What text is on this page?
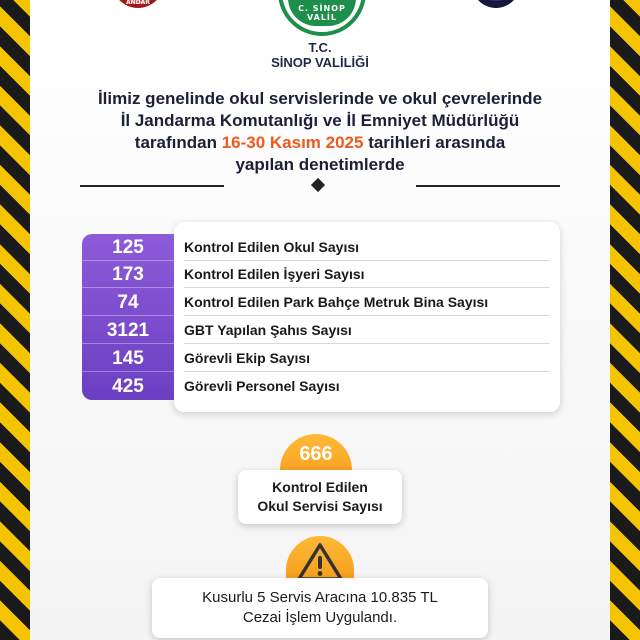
ANDAR
C. SİNOP VALİL
T.C.
SİNOP VALİLİĞİ
İlimiz genelinde okul servislerinde ve okul çevrelerinde
İl Jandarma Komutanlığı ve İl Emniyet Müdürlüğü
tarafından 16-30 Kasım 2025 tarihleri arasında
yapılan denetimlerde
125	Kontrol Edilen Okul Sayısı
173	Kontrol Edilen İşyeri Sayısı
74	Kontrol Edilen Park Bahçe Metruk Bina Sayısı
3121	GBT Yapılan Şahıs Sayısı
145	Görevli Ekip Sayısı
425	Görevli Personel Sayısı
666
Kontrol Edilen
Okul Servisi Sayısı
Kusurlu 5 Servis Aracına 10.835 TL
Cezai İşlem Uygulandı.
